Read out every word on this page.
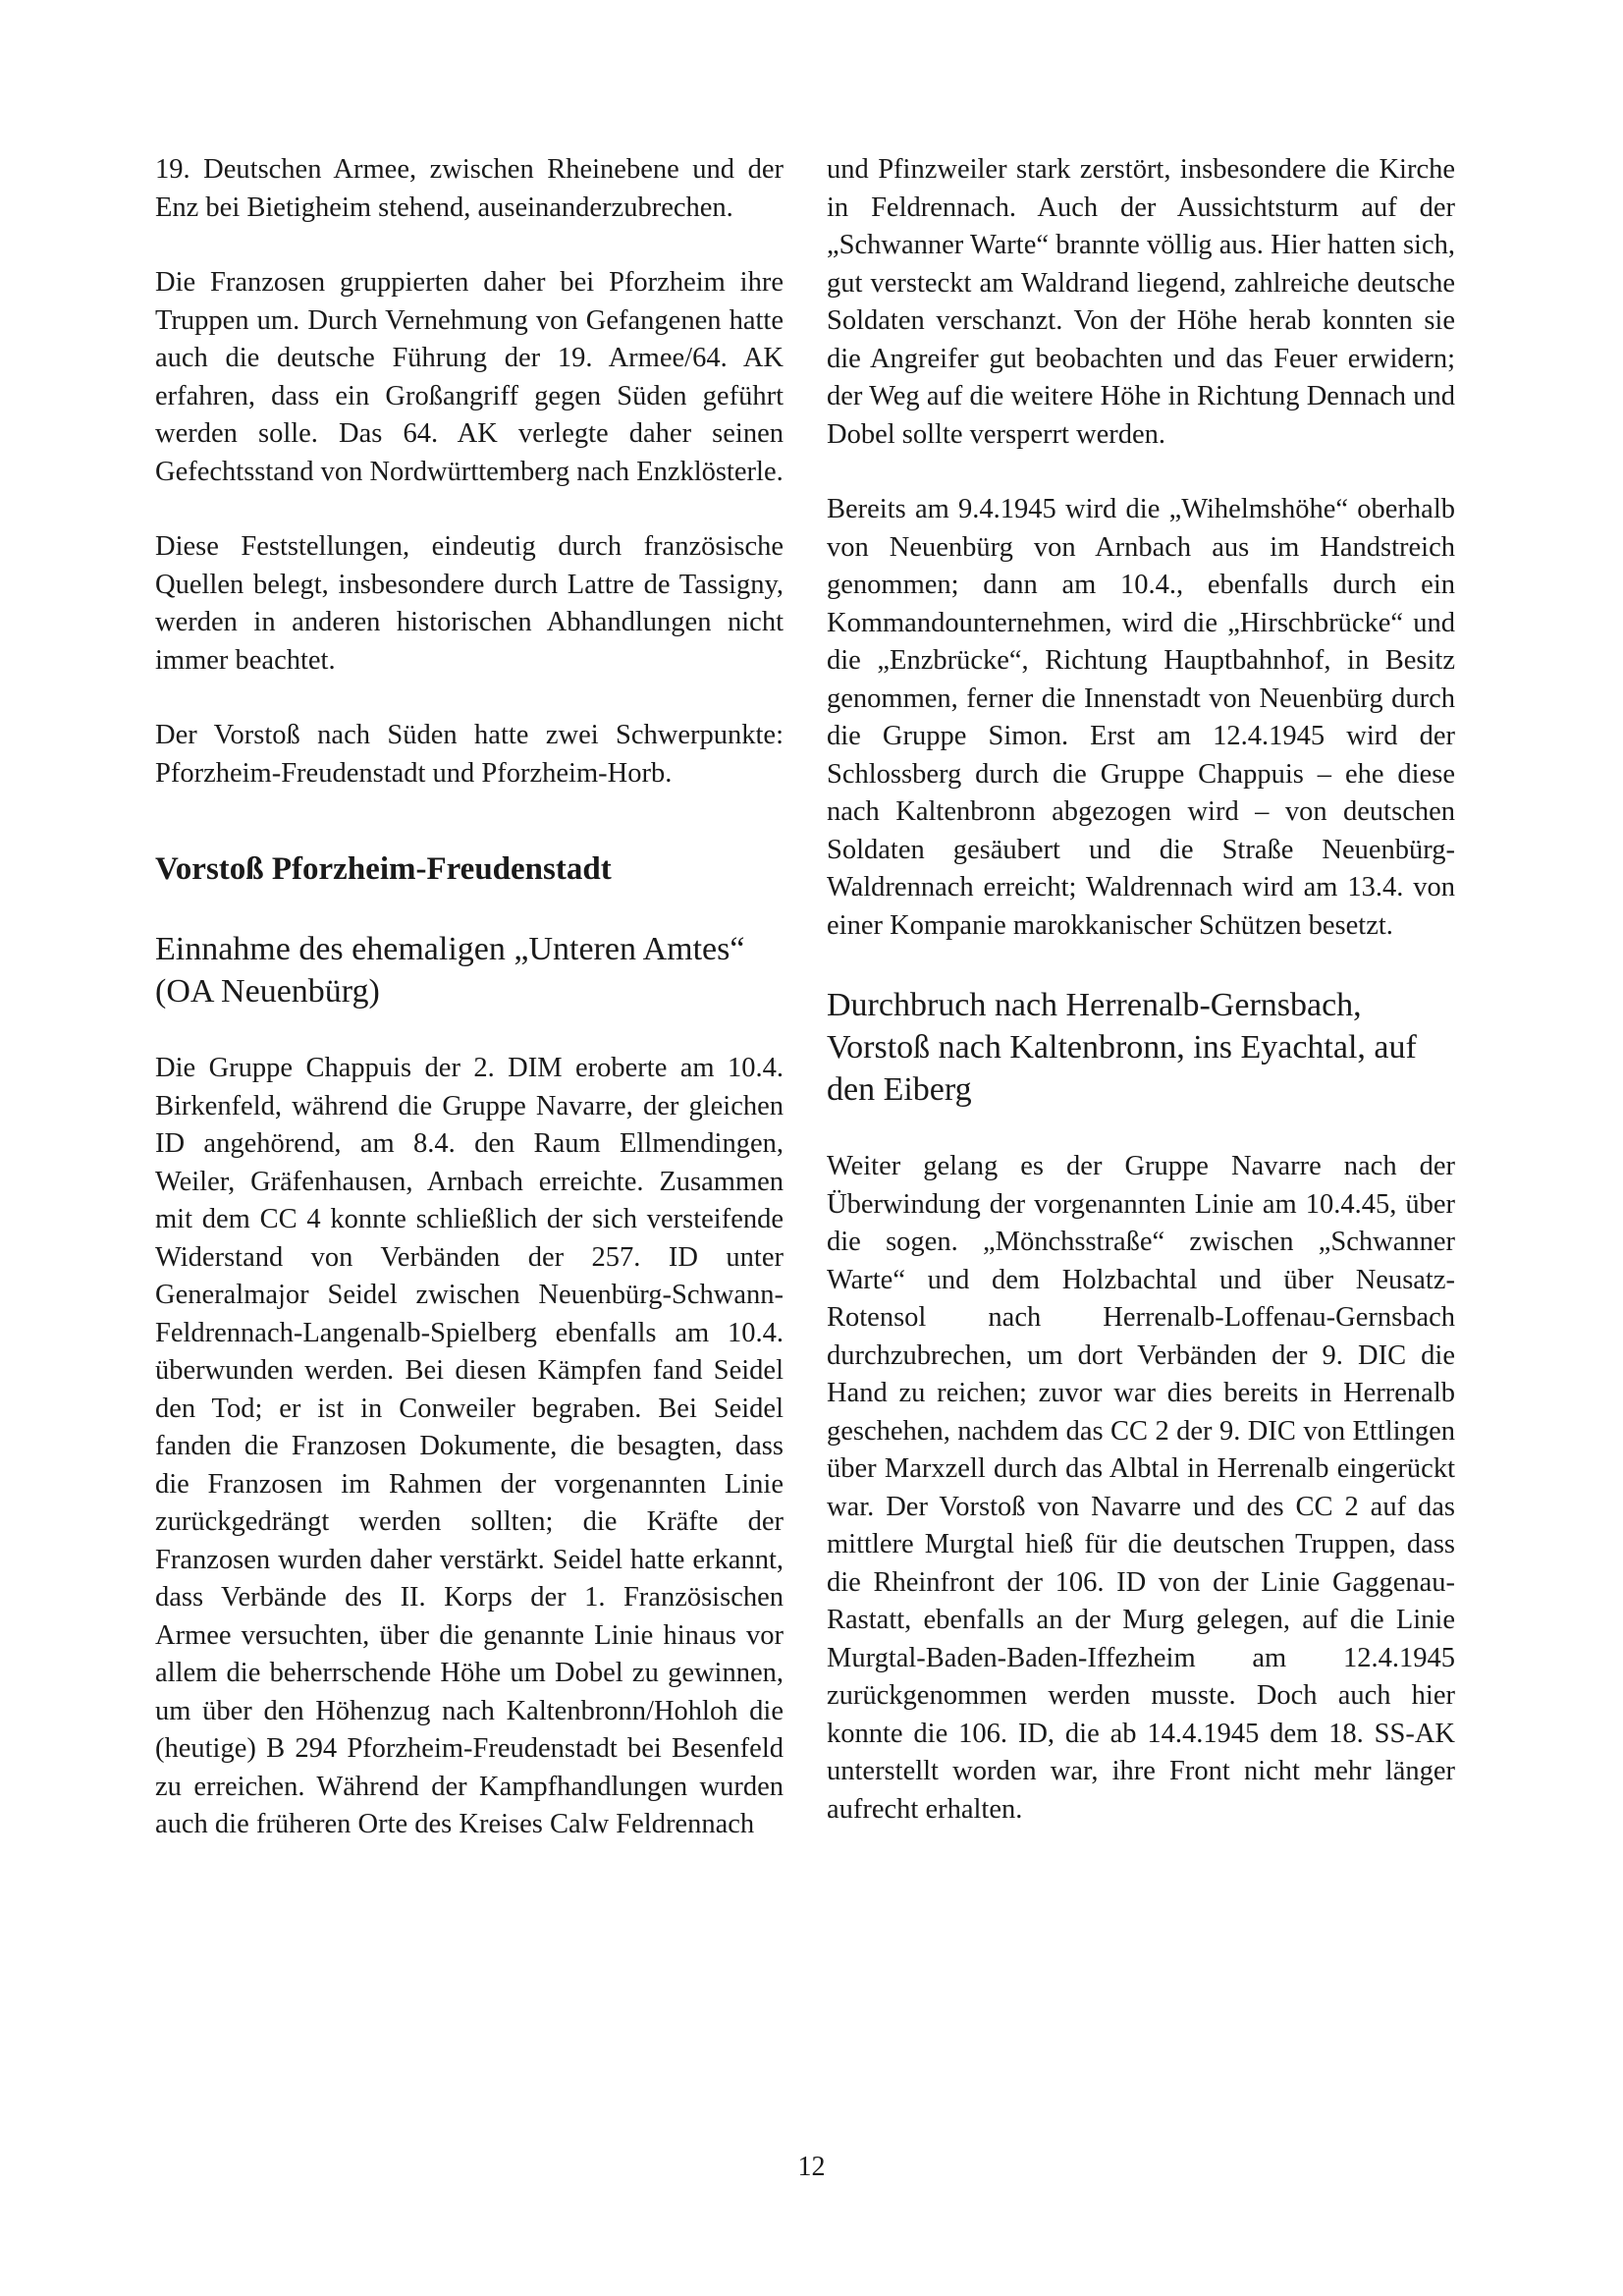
19. Deutschen Armee, zwischen Rheinebene und der Enz bei Bietigheim stehend, auseinanderzubrechen.

Die Franzosen gruppierten daher bei Pforzheim ihre Truppen um. Durch Vernehmung von Gefangenen hatte auch die deutsche Führung der 19. Armee/64. AK erfahren, dass ein Großangriff gegen Süden geführt werden solle. Das 64. AK verlegte daher seinen Gefechtsstand von Nordwürttemberg nach Enzklösterle.

Diese Feststellungen, eindeutig durch französische Quellen belegt, insbesondere durch Lattre de Tassigny, werden in anderen historischen Abhandlungen nicht immer beachtet.

Der Vorstoß nach Süden hatte zwei Schwerpunkte: Pforzheim-Freudenstadt und Pforzheim-Horb.

Vorstoß Pforzheim-Freudenstadt
Einnahme des ehemaligen „Unteren Amtes“ (OA Neuenbürg)

Die Gruppe Chappuis der 2. DIM eroberte am 10.4. Birkenfeld, während die Gruppe Navarre, der gleichen ID angehörend, am 8.4. den Raum Ellmendingen, Weiler, Gräfenhausen, Arnbach erreichte. Zusammen mit dem CC 4 konnte schließlich der sich versteifende Widerstand von Verbänden der 257. ID unter Generalmajor Seidel zwischen Neuenbürg-Schwann-Feldrennach-Langenalb-Spielberg ebenfalls am 10.4. überwunden werden. Bei diesen Kämpfen fand Seidel den Tod; er ist in Conweiler begraben. Bei Seidel fanden die Franzosen Dokumente, die besagten, dass die Franzosen im Rahmen der vorgenannten Linie zurückgedrängt werden sollten; die Kräfte der Franzosen wurden daher verstärkt. Seidel hatte erkannt, dass Verbände des II. Korps der 1. Französischen Armee versuchten, über die genannte Linie hinaus vor allem die beherrschende Höhe um Dobel zu gewinnen, um über den Höhenzug nach Kaltenbronn/Hohloh die (heutige) B 294 Pforzheim-Freudenstadt bei Besenfeld zu erreichen. Während der Kampfhandlungen wurden auch die früheren Orte des Kreises Calw Feldrennach

und Pfinzweiler stark zerstört, insbesondere die Kirche in Feldrennach. Auch der Aussichtsturm auf der „Schwanner Warte“ brannte völlig aus. Hier hatten sich, gut versteckt am Waldrand liegend, zahlreiche deutsche Soldaten verschanzt. Von der Höhe herab konnten sie die Angreifer gut beobachten und das Feuer erwidern; der Weg auf die weitere Höhe in Richtung Dennach und Dobel sollte versperrt werden.

Bereits am 9.4.1945 wird die „Wihelmshöhe“ oberhalb von Neuenbürg von Arnbach aus im Handstreich genommen; dann am 10.4., ebenfalls durch ein Kommandounternehmen, wird die „Hirschbrücke“ und die „Enzbrücke“, Richtung Hauptbahnhof, in Besitz genommen, ferner die Innenstadt von Neuenbürg durch die Gruppe Simon. Erst am 12.4.1945 wird der Schlossberg durch die Gruppe Chappuis – ehe diese nach Kaltenbronn abgezogen wird – von deutschen Soldaten gesäubert und die Straße Neuenbürg-Waldrennach erreicht; Waldrennach wird am 13.4. von einer Kompanie marokkanischer Schützen besetzt.

Durchbruch nach Herrenalb-Gernsbach, Vorstoß nach Kaltenbronn, ins Eyachtal, auf den Eiberg

Weiter gelang es der Gruppe Navarre nach der Überwindung der vorgenannten Linie am 10.4.45, über die sogen. „Mönchsstraße“ zwischen „Schwanner Warte“ und dem Holzbachtal und über Neusatz-Rotensol nach Herrenalb-Loffenau-Gernsbach durchzubrechen, um dort Verbänden der 9. DIC die Hand zu reichen; zuvor war dies bereits in Herrenalb geschehen, nachdem das CC 2 der 9. DIC von Ettlingen über Marxzell durch das Albtal in Herrenalb eingerückt war. Der Vorstoß von Navarre und des CC 2 auf das mittlere Murgtal hieß für die deutschen Truppen, dass die Rheinfront der 106. ID von der Linie Gaggenau-Rastatt, ebenfalls an der Murg gelegen, auf die Linie Murgtal-Baden-Baden-Iffezheim am 12.4.1945 zurückgenommen werden musste. Doch auch hier konnte die 106. ID, die ab 14.4.1945 dem 18. SS-AK unterstellt worden war, ihre Front nicht mehr länger aufrecht erhalten.

12
